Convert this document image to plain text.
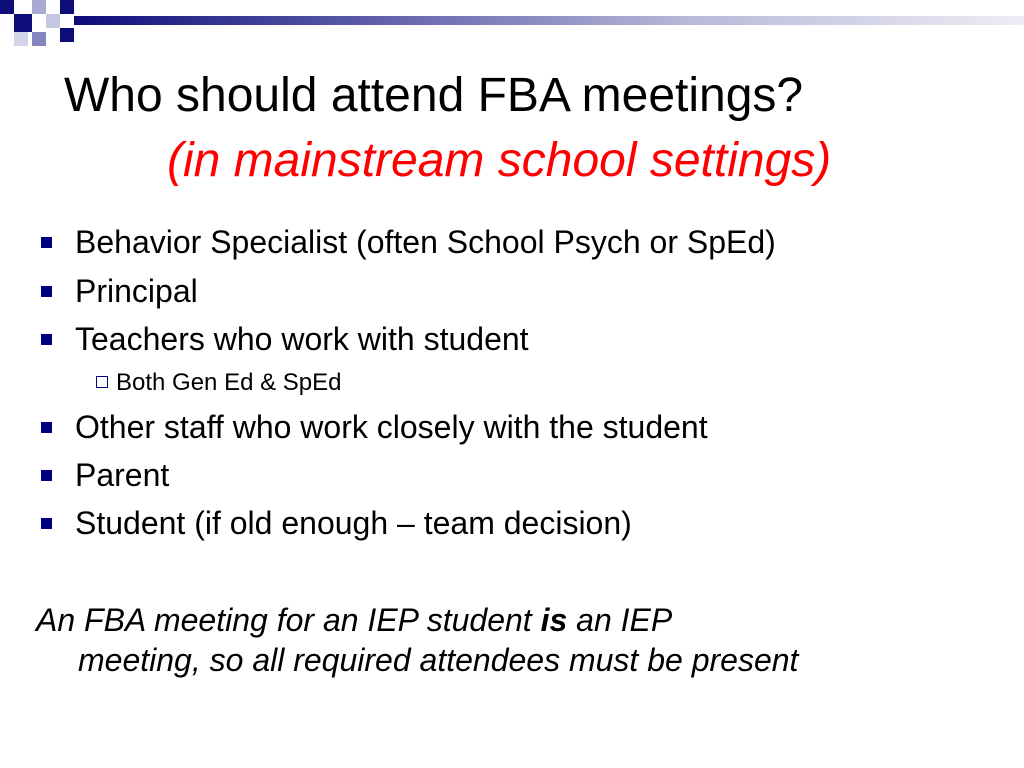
Who should attend FBA meetings?
(in mainstream school settings)
Behavior Specialist (often School Psych or SpEd)
Principal
Teachers who work with student
Both Gen Ed & SpEd
Other staff who work closely with the student
Parent
Student (if old enough – team decision)
An FBA meeting for an IEP student is an IEP
meeting, so all required attendees must be present
